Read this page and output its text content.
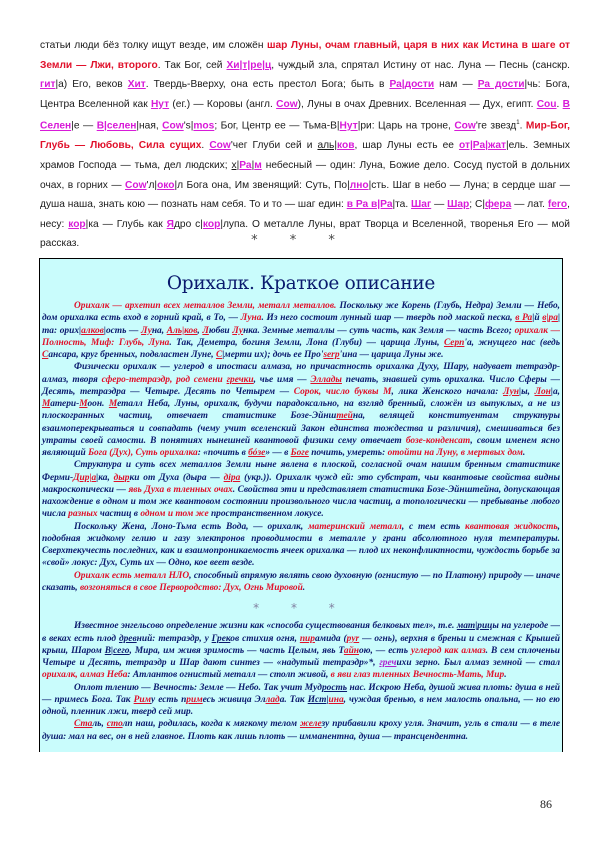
статьи люди бёз толку ищут везде, им сложён шар Луны, очам главный, царя в них как Истина в шаге от Земли — Лжи, второго. Так Бог, сей Хи|т|ре|ц, чуждый зла, спрятал Истину от нас. Луна — Песнь (санскр. гит|а) Его, веков Хит. Твердь-Вверху, она есть престол Бога; быть в Ра|дости нам — Ра дости|чь: Бога, Центра Вселенной как Нут (ег.) — Коровы (англ. Cow), Луны в очах Древних. Вселенная — Дух, египт. Cou. В Селен|е — В|селен|ная, Cow's|mos; Бог, Центр ее — Тьма-В|Нут|ри: Царь на троне, Cow'ге звезд$^1$. Мир-Бог, Глубь — Любовь, Сила сущих. Cow'чег Глуби сей и аль|ков, шар Луны есть ее от|Ра|жат|ель. Земных храмов Господа — тьма, дел людских; х|Ра|м небесный — один: Луна, Божие дело. Сосуд пустой в дольних очах, в горних — Cow'л|око|л Бога она, Им звенящий: Суть, По|лно|сть. Шаг в небо — Луна; в сердце шаг — душа наша, знать кою — познать нам себя. То и то — шаг един: в Ра в|Ра|та. Шаг — Шар; С|фера — лат. fero, несу: кор|ка — Глубь как Ядро с|кор|лупа. О металле Луны, врат Творца и Вселенной, творенья Его — мой рассказ.	* * *
Орихалк. Краткое описание

Орихалк — архетип всех металлов Земли, металл металлов. Поскольку же Корень (Глубь, Недра) Земли — Небо, дом орихалка есть вход в горний край, в То, — Луна. Из него состоит лунный шар — твердь под маской песка, в Ра|й в|ра|та: орих|алков|ость — Луна, Аль|ков, Любви Лунка. Земные металлы — суть часть, как Земля — часть Всего; орихалк — Полность, Миф: Глубь, Луна. Так, Деметра, богиня Земли, Лона (Глуби) — царица Луны, Серп'а, жнущего нас (ведь Сансара, круг бренных, подвластен Луне, С|мерти их); дочь ее Про'serp'ина — царица Луны же.

Физически орихалк — углерод в ипостаси алмаза, но причастность орихалка Духу, Шару, надувает тетраэдр-алмаз, творя сферо-тетраэдр, род семени гречки, чье имя — Эллады печать, знавшей суть орихалка. Число Сферы — Десять, тетраэдра — Четыре. Десять по Четырем — Сорок, число буквы М, лика Женского начала: Лун|ы, Лон|а, Матери-Моон. Металл Неба, Луны, орихалк, будучи парадоксально, на взгляд бренный, сложён из выпуклых, а не из плоскогранных частиц, отвечает статистике Бозе-Эйнштейна, велящей конституентам структуры взаимоперекрываться и совпадать (чему учит вселенский Закон единства тождества и различия), смешиваться без утраты своей самости. В понятиях нынешней квантовой физики сему отвечает бозе-конденсат, своим именем ясно являющий Бога (Дух), Суть орихалка: «почить в бóзе» — в Боге почить, умереть: отойти на Луну, в мертвых дом.

Структура и суть всех металлов Земли ныне явлена в плоской, согласной очам нашим бренным статистике Ферми-Дир|а|ка, дырки от Духа (дыра — діра (укр.)). Орихалк чужд ей: это субстрат, чьи квантовые свойства видны макроскопически — явь Духа в тленных очах. Свойства эти и представляет статистика Бозе-Эйнштейна, допускающая нахождение в одном и том же квантовом состоянии произвольного числа частиц, а топологически — пребыванье любого числа разных частиц в одном и том же пространственном локусе.

Поскольку Жена, Лоно-Тьма есть Вода, — орихалк, материнский металл, с тем есть квантовая жидкость, подобная жидкому гелию и газу электронов проводимости в металле у грани абсолютного нуля температуры. Сверхтекучесть последних, как и взаимопроникаемость ячеек орихалка — плод их неконфликтности, чуждость борьбе за «свой» локус: Дух, Суть их — Одно, кое веет везде.

Орихалк есть металл НЛО, способный впрямую являть свою духовную (огнистую — по Платону) природу — иначе сказать, возгоняться в свое Первородство: Дух, Огнь Мировой.

* * *

Известное энгельсово определение жизни как «способа существования белковых тел», т.е. мат|рицы на углероде — в веках есть плод древний: тетраэдр, у Греков стихия огня, пирамида (pyr — огнь), верхня в бреньи и смежная с Крышей крыш, Шаром В|сего, Мира, им живя зримость — часть Целым, явь Тайною, — есть углерод как алмаз. В сем сплоченьи Четыре и Десять, тетраэдр и Шар дают синтез — «надутый тетраэдр»*, гречихи зерно. Был алмаз земной — стал орихалк, алмаз Неба: Атлантов огнистый металл — столп живой, в яви глаз тленных Вечность-Мать, Мир.

Оплот тлению — Вечность: Земле — Небо. Так учит Мудрость нас. Искрою Неба, душой жива плоть: душа в ней — примесь Бога. Так Риму есть примесь живица Эллада. Так Ист|ина, чуждая бренью, в нем малость опальна, — но ею одной, пленник лжи, тверд сей мир.

Сталь, столп наш, родилась, когда к мягкому телом железу прибавили кроху угля. Значит, угль в стали — в теле душа: мал на вес, он в ней главное. Плоть как лишь плоть — имманентна, душа — трансцендентна.

86
